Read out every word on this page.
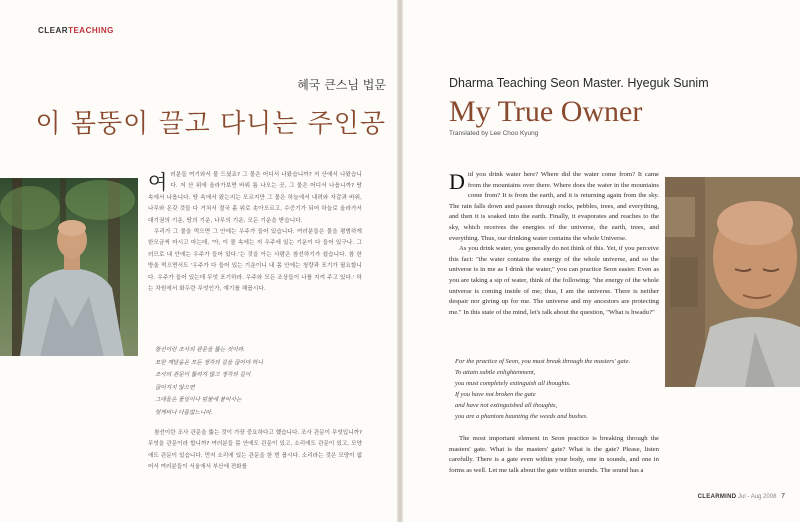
CLEARTEACHING
혜국 큰스님 법문
이 몸뚱이 끌고 다니는 주인공
Dharma Teaching Seon Master. Hyeguk Sunim
My True Owner
Translated by Lee Choo Kyung
여 러분들 여기와서 물 드셨죠? 그 물은 어디서 나왔습니까? 저 산에서 나왔습니다. 저 산 위에 올라가보면 바위 틈 나오는 곳, 그 물은 어디서 나옵니까? 땅 속에서 나옵니다. 땅 속에서 왔는지는 모르지만 그 물은 하늘에서 내려와 자갈과 바위, 나무와 온갖 것들 다 거쳐서 결국 흙 위로 솟아오르고, 수증기가 되어 하늘로 올라가서 대기권의 기운, 땅의 기운, 나무의 기운, 모든 기운을 받습니다.

우리가 그 물을 먹으면 그 안에는 우주가 들어 있습니다. 여러분들은 물을 평범하게 한모금씩 마시고 마는데, '아, 이 물 속에는 저 우주에 있는 기운이 다 들어 있구나. 그러므로 내 안에는 우주가 들어 있다.'는 것을 아는 사람은 참선하기가 쉽습니다. 참 한 방울 먹으면서도 '우주가 다 들어 있는 기운이니 내 몸 안에는 청량과 포기가 필요합니다. 우주가 들어 있는데 무엇 포기하라. 우주와 모든 조상들이 나를 지켜 주고 있다.' 하는 차원에서 화두란 무엇인가, 얘기를 해봅시다.

참선이란 조사의 관문을 뚫는 것이라.
묘한 깨달음은 모든 생각의 길을 끊어야 하니
조사의 관문이 뚫리지 않고 생각의 길이
끊어지지 않으면
그대들은 풀잎이나 덤불에 붙어사는
헛깨비나 다름없느니라.

참선이란 조사 관문을 뚫는 것이 가장 중요하다고 했습니다. 조사 관문이 무엇입니까? 무엇을 관문이라 합니까? 여러분들 몸 안에도 관문이 있고, 소리에도 관문이 있고, 모양에도 관문이 있습니다. 먼저 소리에 있는 관문을 한 번 봅시다. 소리라는 것은 모양이 없어서 여러분들이 서울에서 부산에 전화를

D id you drink water here? Where did the water come from? It came from the mountains over there. Where does the water in the mountains come from? It is from the earth, and it is returning again from the sky. The rain falls down and passes through rocks, pebbles, trees, and everything, and then it is soaked into the earth. Finally, it evaporates and reaches to the sky, which receives the energies of the universe, the earth, trees, and everything. Thus, our drinking water contains the whole Universe.

As you drink water, you generally do not think of this. Yet, if you perceive this fact: "the water contains the energy of the whole universe, and so the universe is in me as I drink the water," you can practice Seon easier. Even as you are taking a sip of water, think of the following: "the energy of the whole universe is coming inside of me; thus, I am the universe. There is neither despair nor giving up for me. The universe and my ancestors are protecting me." In this state of the mind, let's talk about the question, "What is hwadu?"

For the practice of Seon, you must break through the masters' gate.
To attain subtle enlightenment,
you must completely extinguish all thoughts.
If you have not broken the gate
and have not extinguished all thoughts,
you are a phantom haunting the weeds and bushes.

The most important element in Seon practice is breaking through the masters' gate. What is the masters' gate? What is the gate? Please, listen carefully. There is a gate even within your body, one in sounds, and one in forms as well. Let me talk about the gate within sounds. The sound has a

CLEARMIND Jul - Aug 2008 7
